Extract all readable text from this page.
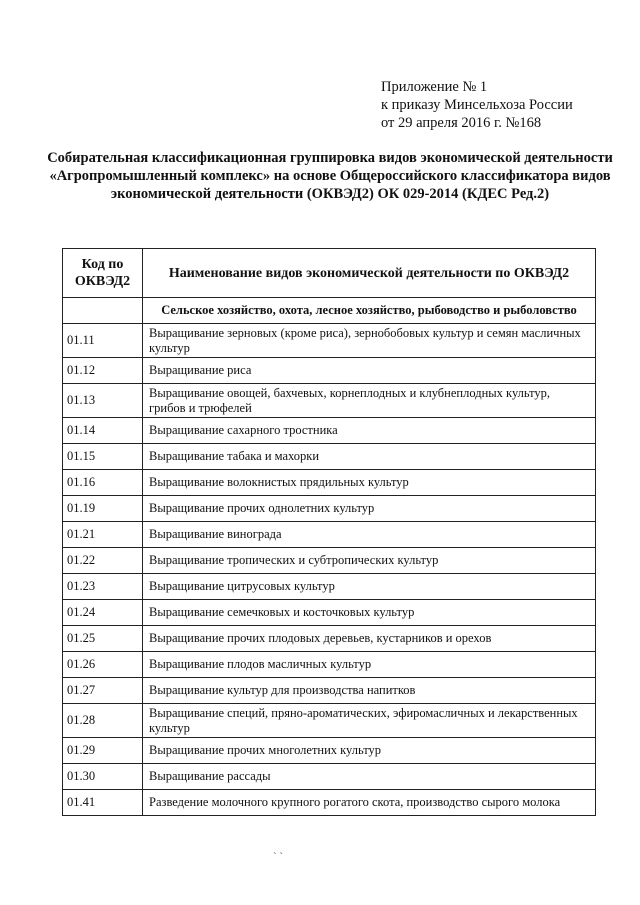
Приложение № 1
к приказу Минсельхоза России
от 29 апреля 2016 г. №168
Собирательная классификационная группировка видов экономической деятельности «Агропромышленный комплекс» на основе Общероссийского классификатора видов экономической деятельности (ОКВЭД2) ОК 029-2014 (КДЕС Ред.2)
Код по ОКВЭД2	Наименование видов экономической деятельности по ОКВЭД2
	Сельское хозяйство, охота, лесное хозяйство, рыбоводство и рыболовство
01.11	Выращивание зерновых (кроме риса), зернобобовых культур и семян масличных культур
01.12	Выращивание риса
01.13	Выращивание овощей, бахчевых, корнеплодных и клубнеплодных культур, грибов и трюфелей
01.14	Выращивание сахарного тростника
01.15	Выращивание табака и махорки
01.16	Выращивание волокнистых прядильных культур
01.19	Выращивание прочих однолетних культур
01.21	Выращивание винограда
01.22	Выращивание тропических и субтропических культур
01.23	Выращивание цитрусовых культур
01.24	Выращивание семечковых и косточковых культур
01.25	Выращивание прочих плодовых деревьев, кустарников и орехов
01.26	Выращивание плодов масличных культур
01.27	Выращивание культур для производства напитков
01.28	Выращивание специй, пряно-ароматических, эфиромасличных и лекарственных культур
01.29	Выращивание прочих многолетних культур
01.30	Выращивание рассады
01.41	Разведение молочного крупного рогатого скота, производство сырого молока
` `
